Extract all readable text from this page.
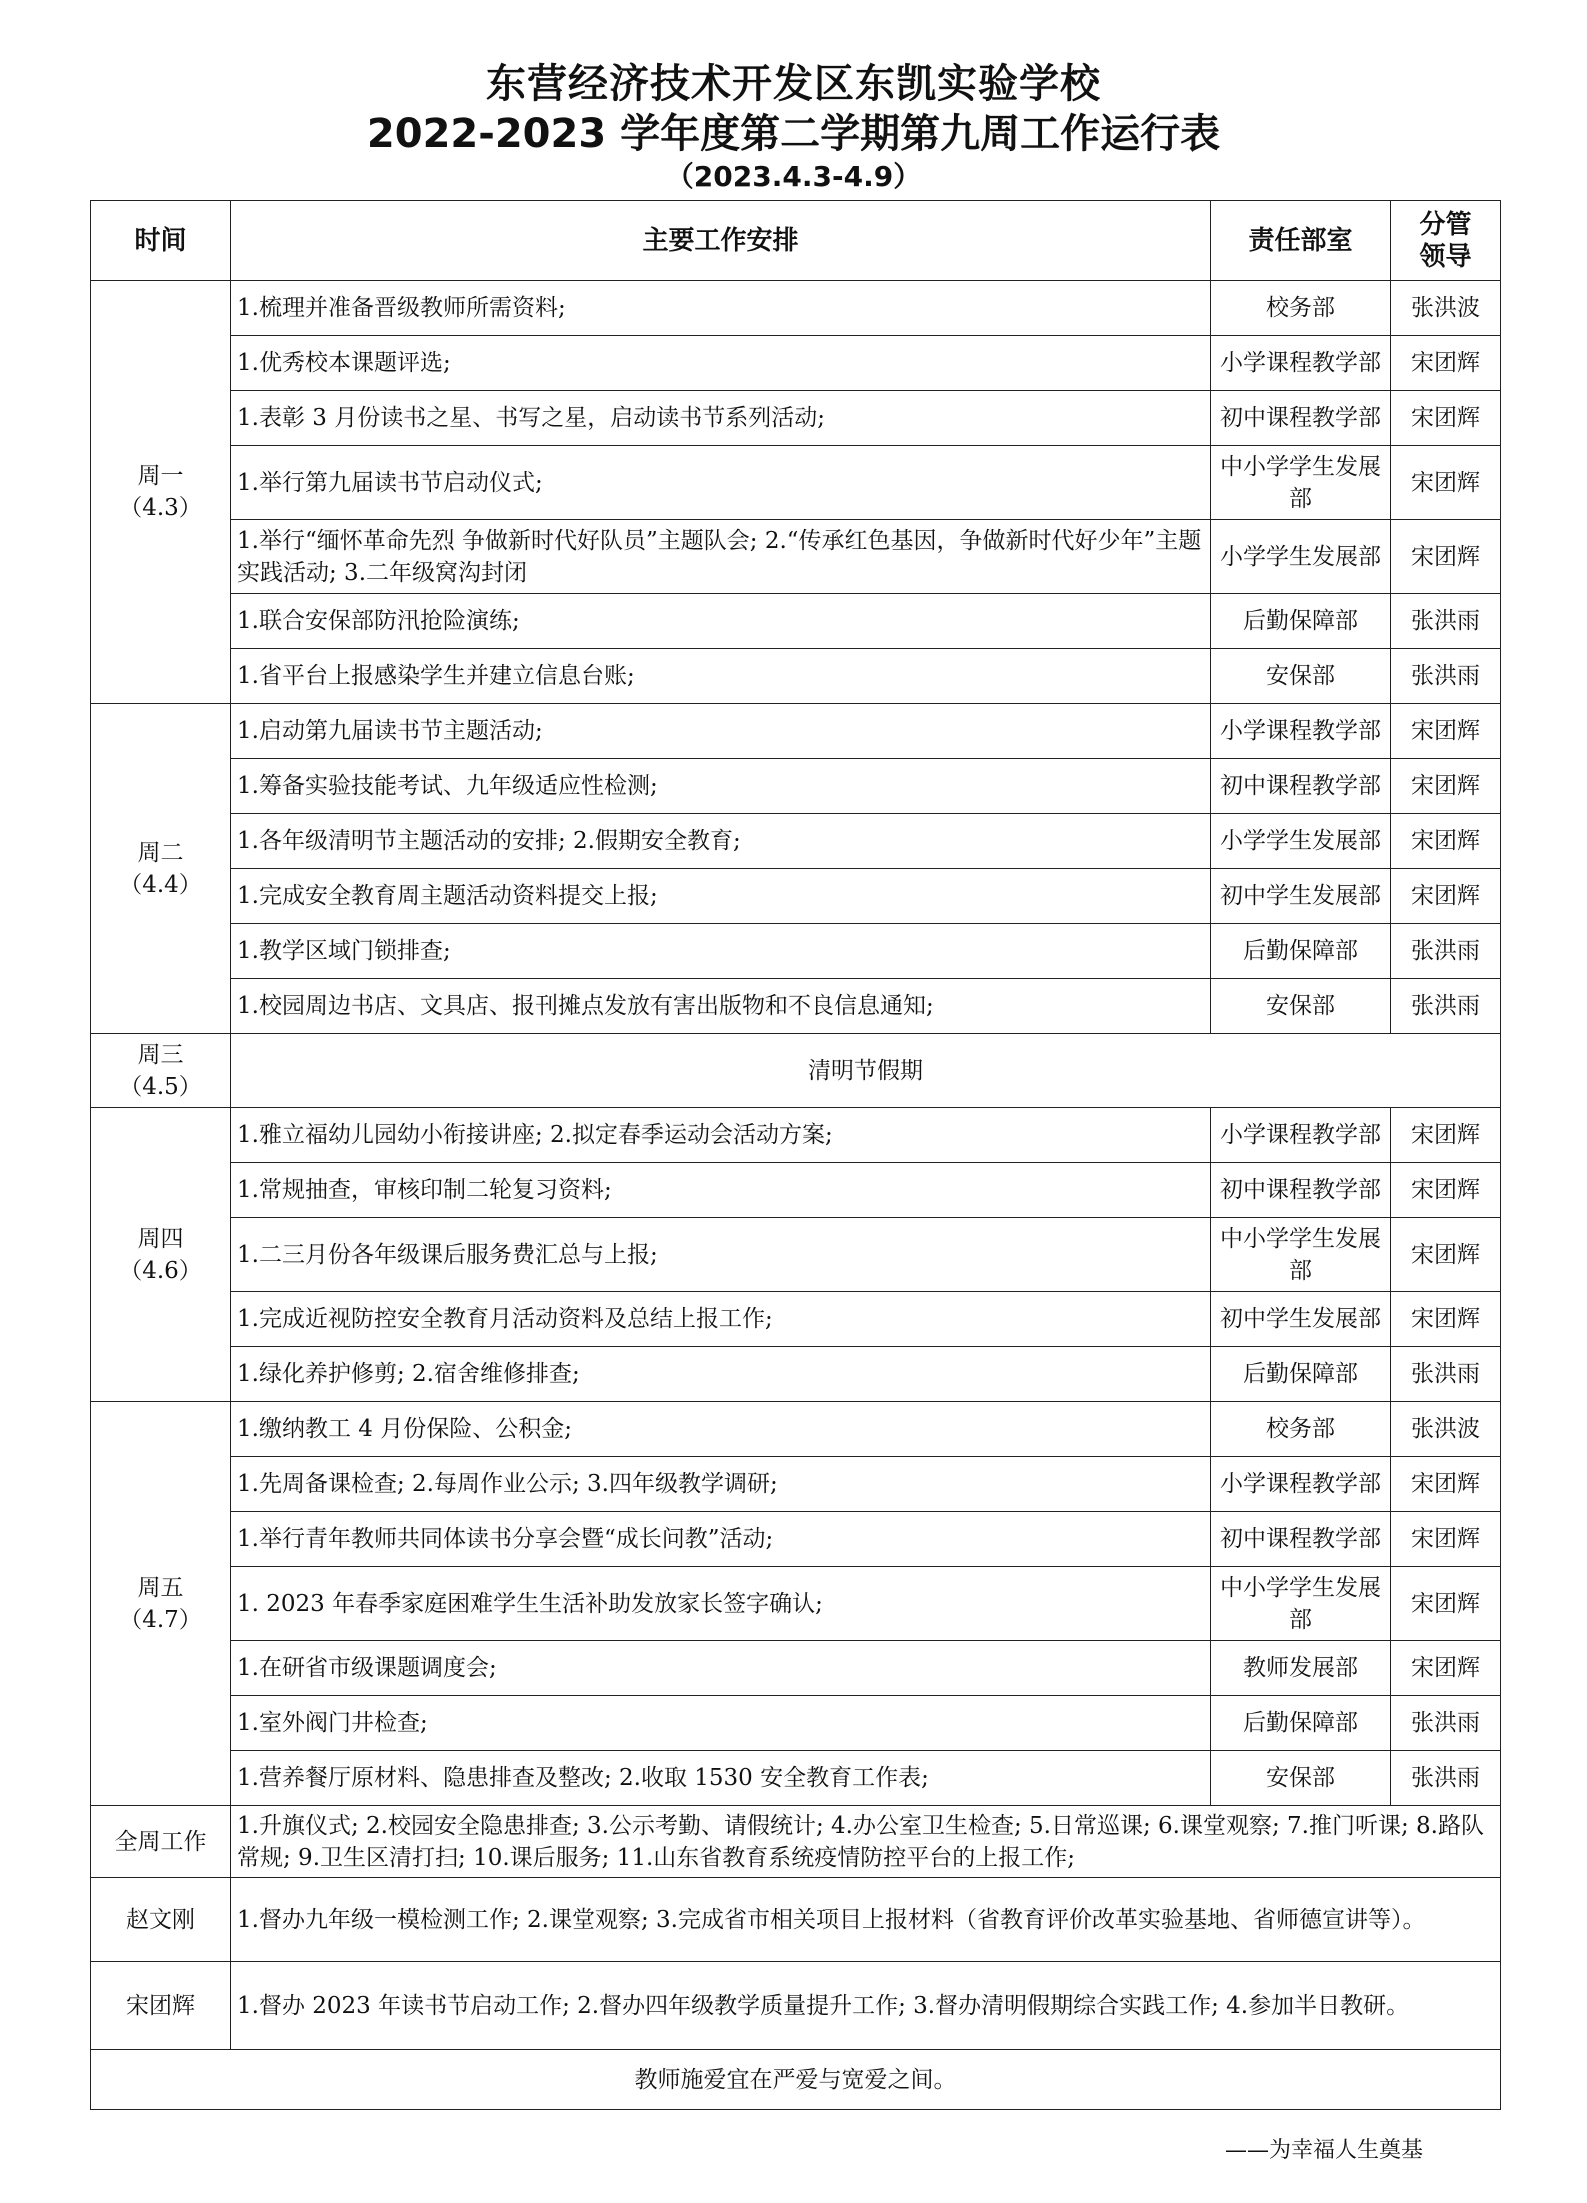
东营经济技术开发区东凯实验学校
2022-2023 学年度第二学期第九周工作运行表
（2023.4.3-4.9）
时间	主要工作安排	责任部室	分管
领导

周一
（4.3）	1.梳理并准备晋级教师所需资料;	校务部	张洪波
	1.优秀校本课题评选;	小学课程教学部	宋团辉
	1.表彰 3 月份读书之星、书写之星，启动读书节系列活动;	初中课程教学部	宋团辉
	1.举行第九届读书节启动仪式;	中小学学生发展部	宋团辉
	1.举行“缅怀革命先烈 争做新时代好队员”主题队会; 2.“传承红色基因，争做新时代好少年”主题实践活动; 3.二年级窝沟封闭	小学学生发展部	宋团辉
	1.联合安保部防汛抢险演练;	后勤保障部	张洪雨
	1.省平台上报感染学生并建立信息台账;	安保部	张洪雨

周二
（4.4）	1.启动第九届读书节主题活动;	小学课程教学部	宋团辉
	1.筹备实验技能考试、九年级适应性检测;	初中课程教学部	宋团辉
	1.各年级清明节主题活动的安排; 2.假期安全教育;	小学学生发展部	宋团辉
	1.完成安全教育周主题活动资料提交上报;	初中学生发展部	宋团辉
	1.教学区域门锁排查;	后勤保障部	张洪雨
	1.校园周边书店、文具店、报刊摊点发放有害出版物和不良信息通知;	安保部	张洪雨

周三
（4.5）	清明节假期		

周四
（4.6）	1.雅立福幼儿园幼小衔接讲座; 2.拟定春季运动会活动方案;	小学课程教学部	宋团辉
	1.常规抽查，审核印制二轮复习资料;	初中课程教学部	宋团辉
	1.二三月份各年级课后服务费汇总与上报;	中小学学生发展部	宋团辉
	1.完成近视防控安全教育月活动资料及总结上报工作;	初中学生发展部	宋团辉
	1.绿化养护修剪; 2.宿舍维修排查;	后勤保障部	张洪雨

周五
（4.7）	1.缴纳教工 4 月份保险、公积金;	校务部	张洪波
	1.先周备课检查; 2.每周作业公示; 3.四年级教学调研;	小学课程教学部	宋团辉
	1.举行青年教师共同体读书分享会暨“成长问教”活动;	初中课程教学部	宋团辉
	1. 2023 年春季家庭困难学生生活补助发放家长签字确认;	中小学学生发展部	宋团辉
	1.在研省市级课题调度会;	教师发展部	宋团辉
	1.室外阀门井检查;	后勤保障部	张洪雨
	1.营养餐厅原材料、隐患排查及整改; 2.收取 1530 安全教育工作表;	安保部	张洪雨
全周工作	1.升旗仪式; 2.校园安全隐患排查; 3.公示考勤、请假统计; 4.办公室卫生检查; 5.日常巡课; 6.课堂观察; 7.推门听课; 8.路队常规; 9.卫生区清打扫; 10.课后服务; 11.山东省教育系统疫情防控平台的上报工作;		
赵文刚	1.督办九年级一模检测工作; 2.课堂观察; 3.完成省市相关项目上报材料（省教育评价改革实验基地、省师德宣讲等）。		
宋团辉	1.督办 2023 年读书节启动工作; 2.督办四年级教学质量提升工作; 3.督办清明假期综合实践工作; 4.参加半日教研。		
教师施爱宜在严爱与宽爱之间。			
——为幸福人生奠基
